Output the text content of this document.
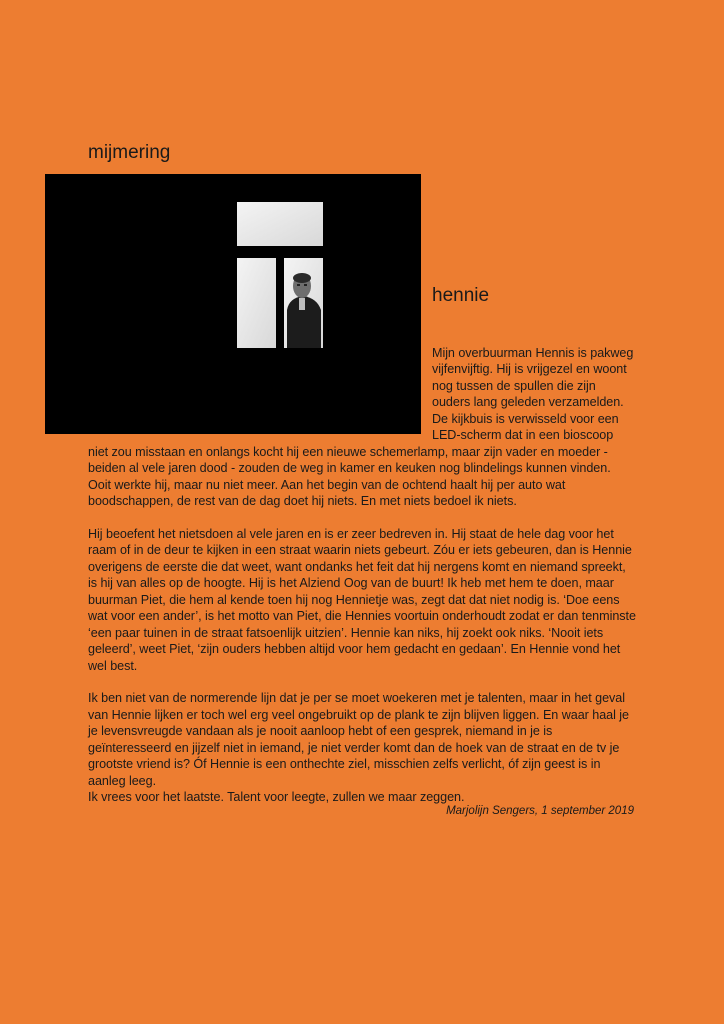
mijmering
hennie

Mijn overbuurman Hennis is pakweg vijfenvijftig. Hij is vrijgezel en woont nog tussen de spullen die zijn ouders lang geleden verzamelden. De kijkbuis is verwisseld voor een LED-scherm dat in een bioscoop niet zou misstaan en onlangs kocht hij een nieuwe schemerlamp, maar zijn vader en moeder - beiden al vele jaren dood - zouden de weg in kamer en keuken nog blindelings kunnen vinden. Ooit werkte hij, maar nu niet meer. Aan het begin van de ochtend haalt hij per auto wat boodschappen, de rest van de dag doet hij niets. En met niets bedoel ik niets.

Hij beoefent het nietsdoen al vele jaren en is er zeer bedreven in. Hij staat de hele dag voor het raam of in de deur te kijken in een straat waarin niets gebeurt. Zóu er iets gebeuren, dan is Hennie overigens de eerste die dat weet, want ondanks het feit dat hij nergens komt en niemand spreekt, is hij van alles op de hoogte. Hij is het Alziend Oog van de buurt! Ik heb met hem te doen, maar buurman Piet, die hem al kende toen hij nog Hennietje was, zegt dat dat niet nodig is. ‘Doe eens wat voor een ander’, is het motto van Piet, die Hennies voortuin onderhoudt zodat er dan tenminste ‘een paar tuinen in de straat fatsoenlijk uitzien’. Hennie kan niks, hij zoekt ook niks. ‘Nooit iets geleerd’, weet Piet, ‘zijn ouders hebben altijd voor hem gedacht en gedaan’. En Hennie vond het wel best.

Ik ben niet van de normerende lijn dat je per se moet woekeren met je talenten, maar in het geval van Hennie lijken er toch wel erg veel ongebruikt op de plank te zijn blijven liggen. En waar haal je je levensvreugde vandaan als je nooit aanloop hebt of een gesprek, niemand in je is geïnteresseerd en jijzelf niet in iemand, je niet verder komt dan de hoek van de straat en de tv je grootste vriend is? Óf Hennie is een onthechte ziel, misschien zelfs verlicht, óf zijn geest is in aanleg leeg.

Ik vrees voor het laatste. Talent voor leegte, zullen we maar zeggen.

Marjolijn Sengers, 1 september 2019
